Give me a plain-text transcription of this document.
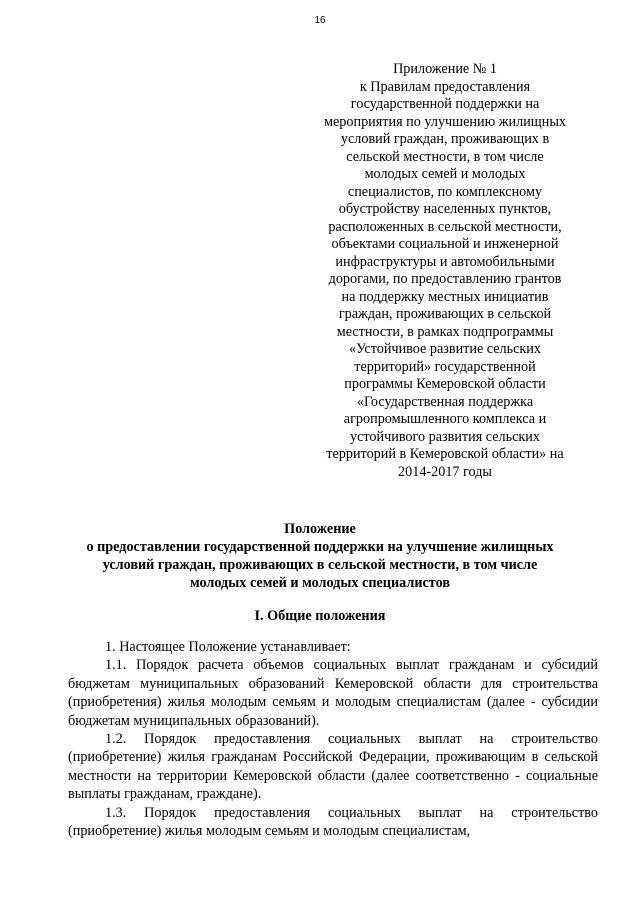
16
Приложение № 1
к Правилам предоставления
государственной поддержки на
мероприятия по улучшению жилищных
условий граждан, проживающих в
сельской местности, в том числе
молодых семей и молодых
специалистов, по комплексному
обустройству населенных пунктов,
расположенных в сельской местности,
объектами социальной и инженерной
инфраструктуры и автомобильными
дорогами, по предоставлению грантов
на поддержку местных инициатив
граждан, проживающих в сельской
местности, в рамках подпрограммы
«Устойчивое развитие сельских
территорий» государственной
программы Кемеровской области
«Государственная поддержка
агропромышленного комплекса и
устойчивого развития сельских
территорий в Кемеровской области» на
2014-2017 годы
Положение
о предоставлении государственной поддержки на улучшение жилищных
условий граждан, проживающих в сельской местности, в том числе
молодых семей и молодых специалистов
I. Общие положения

1. Настоящее Положение устанавливает:

1.1. Порядок расчета объемов социальных выплат гражданам и субсидий бюджетам муниципальных образований Кемеровской области для строительства (приобретения) жилья молодым семьям и молодым специалистам (далее - субсидии бюджетам муниципальных образований).

1.2. Порядок предоставления социальных выплат на строительство (приобретение) жилья гражданам Российской Федерации, проживающим в сельской местности на территории Кемеровской области (далее соответственно - социальные выплаты гражданам, граждане).

1.3. Порядок предоставления социальных выплат на строительство (приобретение) жилья молодым семьям и молодым специалистам,
